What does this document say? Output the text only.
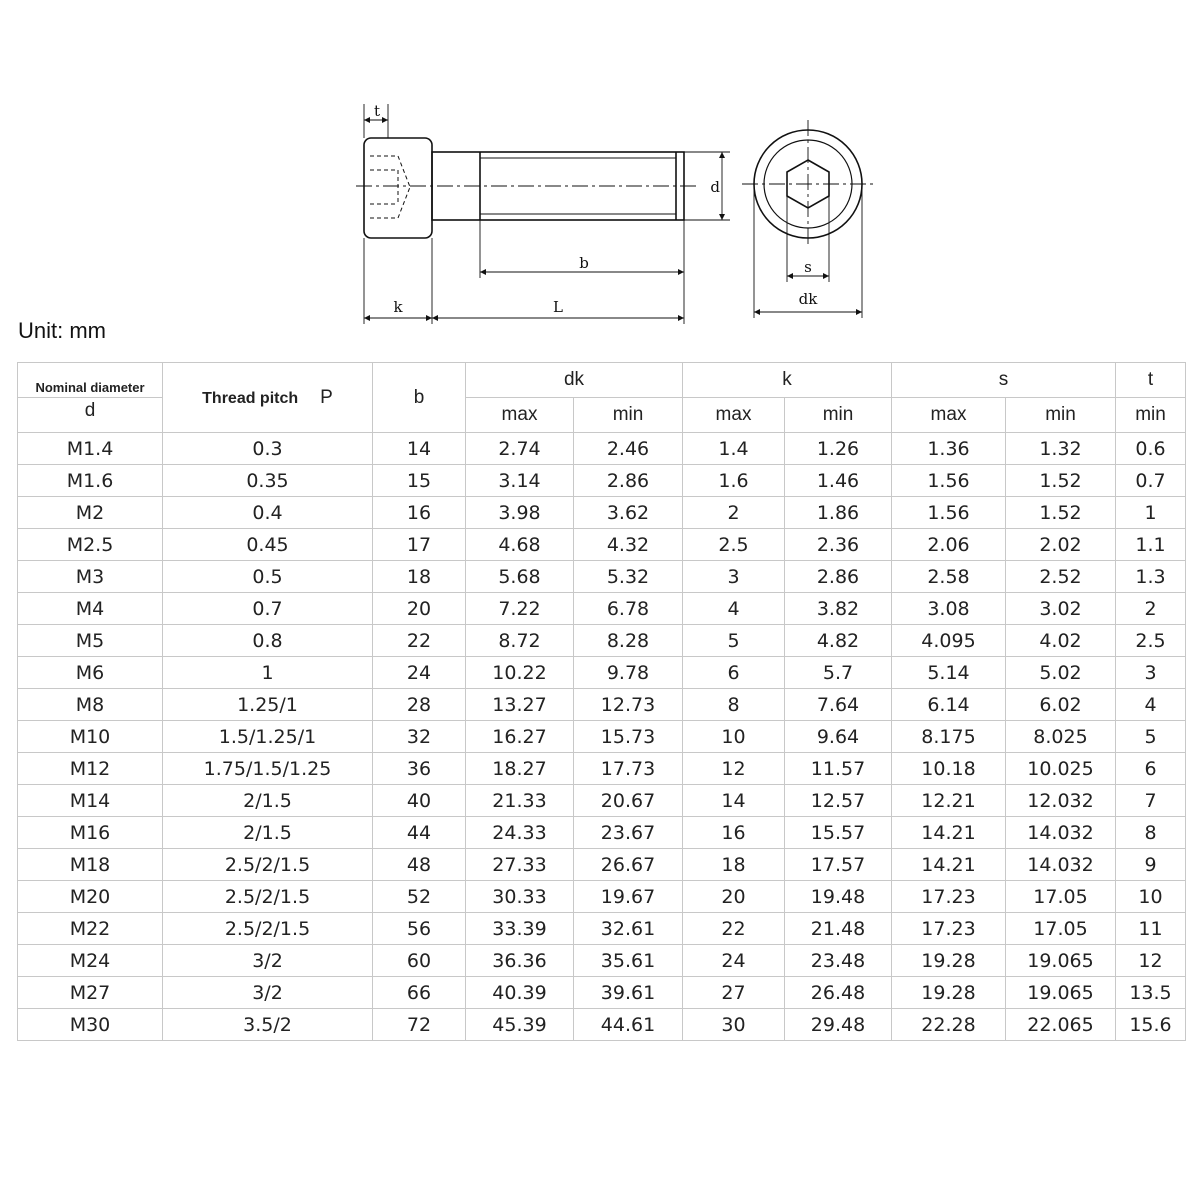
t
d
b
k	L
s
dk
Unit: mm
Nominal diameter	Thread pitch P	b	dk		k		s		t
d			max	min	max	min	max	min	min
M1.4	0.3	14	2.74	2.46	1.4	1.26	1.36	1.32	0.6
M1.6	0.35	15	3.14	2.86	1.6	1.46	1.56	1.52	0.7
M2	0.4	16	3.98	3.62	2	1.86	1.56	1.52	1
M2.5	0.45	17	4.68	4.32	2.5	2.36	2.06	2.02	1.1
M3	0.5	18	5.68	5.32	3	2.86	2.58	2.52	1.3
M4	0.7	20	7.22	6.78	4	3.82	3.08	3.02	2
M5	0.8	22	8.72	8.28	5	4.82	4.095	4.02	2.5
M6	1	24	10.22	9.78	6	5.7	5.14	5.02	3
M8	1.25/1	28	13.27	12.73	8	7.64	6.14	6.02	4
M10	1.5/1.25/1	32	16.27	15.73	10	9.64	8.175	8.025	5
M12	1.75/1.5/1.25	36	18.27	17.73	12	11.57	10.18	10.025	6
M14	2/1.5	40	21.33	20.67	14	12.57	12.21	12.032	7
M16	2/1.5	44	24.33	23.67	16	15.57	14.21	14.032	8
M18	2.5/2/1.5	48	27.33	26.67	18	17.57	14.21	14.032	9
M20	2.5/2/1.5	52	30.33	19.67	20	19.48	17.23	17.05	10
M22	2.5/2/1.5	56	33.39	32.61	22	21.48	17.23	17.05	11
M24	3/2	60	36.36	35.61	24	23.48	19.28	19.065	12
M27	3/2	66	40.39	39.61	27	26.48	19.28	19.065	13.5
M30	3.5/2	72	45.39	44.61	30	29.48	22.28	22.065	15.6
